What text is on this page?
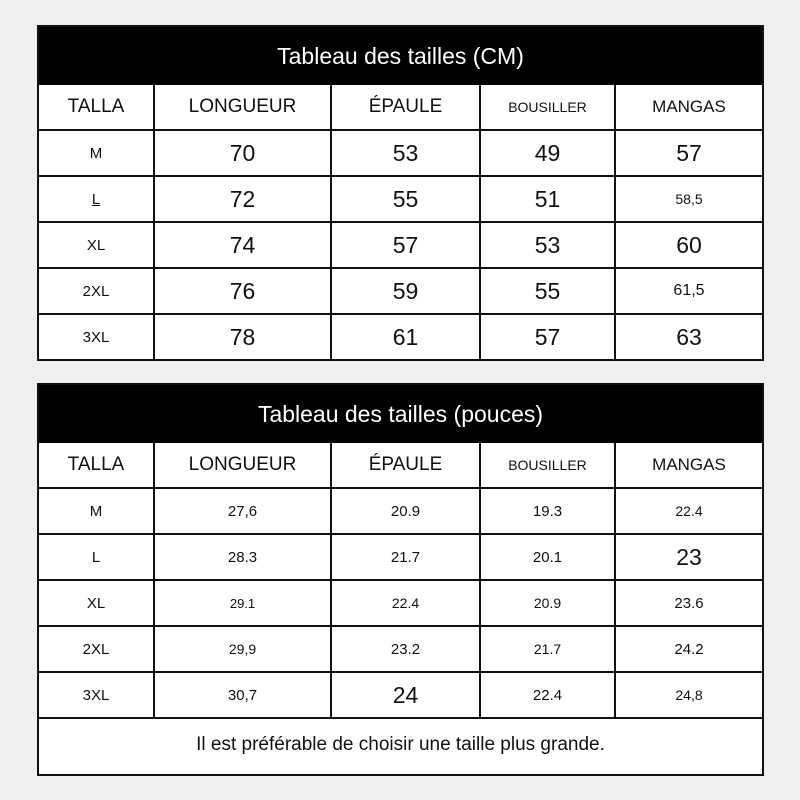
Tableau des tailles (CM)
TALLA	LONGUEUR	ÉPAULE	BOUSILLER	MANGAS
M	70	53	49	57
L	72	55	51	58,5
XL	74	57	53	60
2XL	76	59	55	61,5
3XL	78	61	57	63
Tableau des tailles (pouces)
TALLA	LONGUEUR	ÉPAULE	BOUSILLER	MANGAS
M	27,6	20.9	19.3	22.4
L	28.3	21.7	20.1	23
XL	29.1	22.4	20.9	23.6
2XL	29,9	23.2	21.7	24.2
3XL	30,7	24	22.4	24,8
Il est préférable de choisir une taille plus grande.				
